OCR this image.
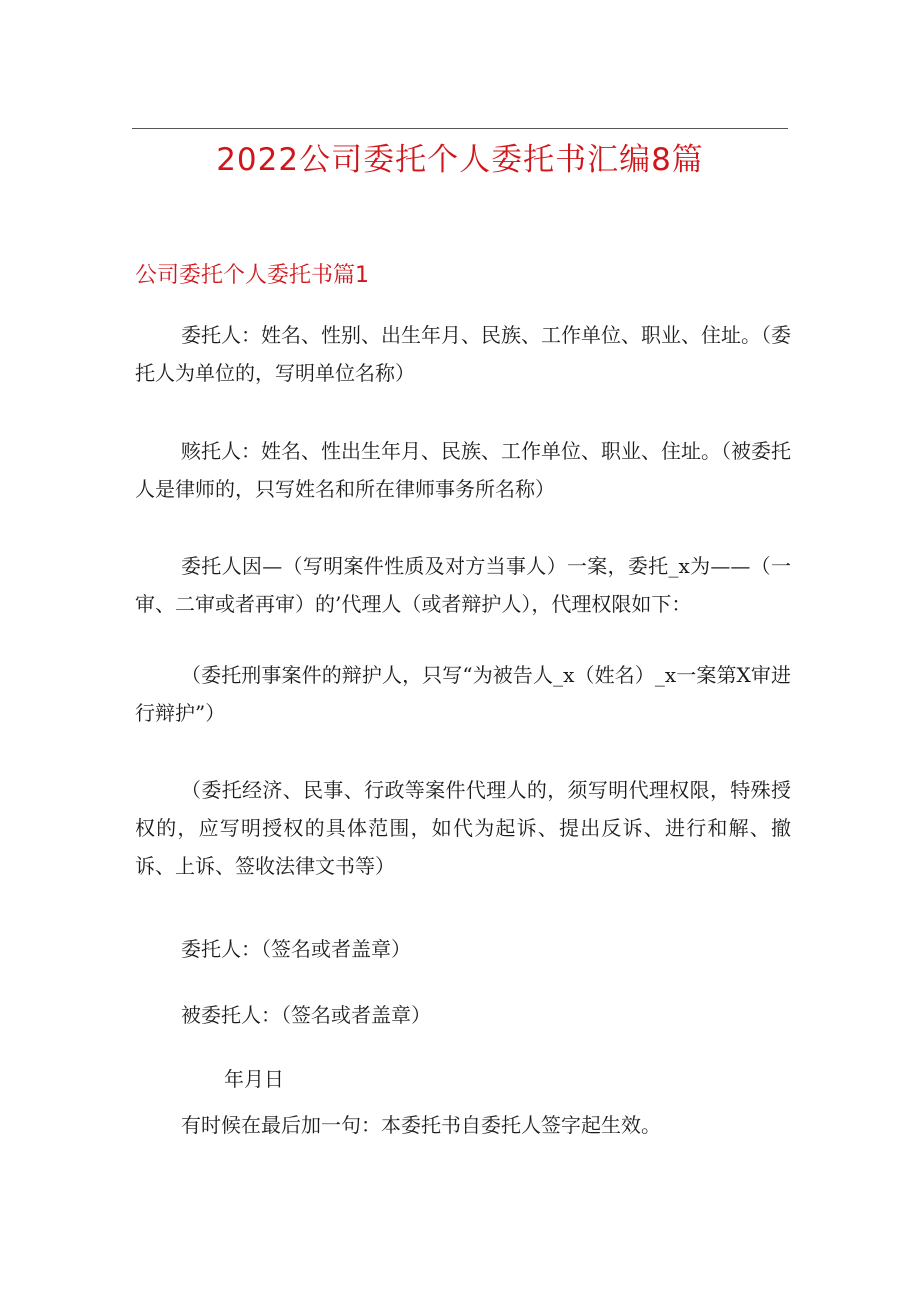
2022公司委托个人委托书汇编8篇
公司委托个人委托书篇1
委托人：姓名、性别、出生年月、民族、工作单位、职业、住址。（委托人为单位的，写明单位名称）
赅托人：姓名、性出生年月、民族、工作单位、职业、住址。（被委托人是律师的，只写姓名和所在律师事务所名称）
委托人因—（写明案件性质及对方当事人）一案，委托_x为——（一审、二审或者再审）的’代理人（或者辩护人），代理权限如下：
（委托刑事案件的辩护人，只写“为被告人_x（姓名）_x一案第X审进行辩护”）
（委托经济、民事、行政等案件代理人的，须写明代理权限，特殊授权的，应写明授权的具体范围，如代为起诉、提出反诉、进行和解、撤诉、上诉、签收法律文书等）
委托人：（签名或者盖章）
被委托人：（签名或者盖章）
年月日
有时候在最后加一句：本委托书自委托人签字起生效。
